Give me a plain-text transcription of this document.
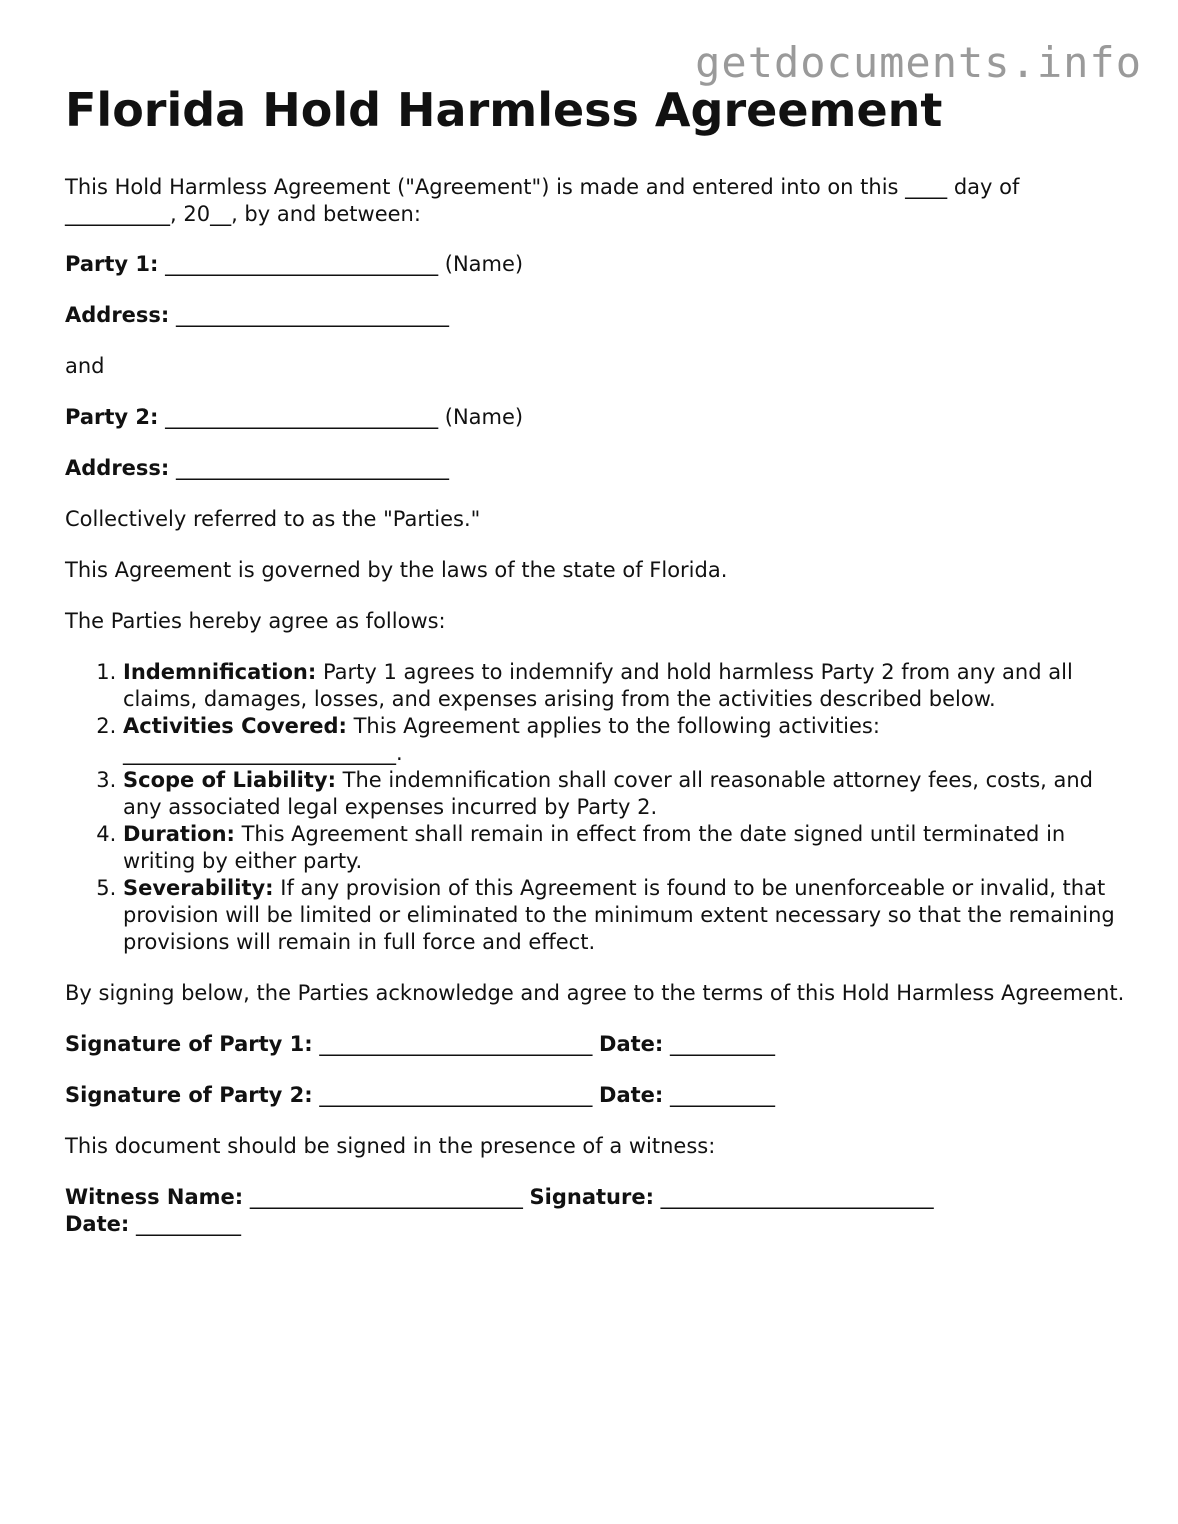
getdocuments.info
Florida Hold Harmless Agreement

This Hold Harmless Agreement ("Agreement") is made and entered into on this ____ day of __________, 20__, by and between:

Party 1: __________________________ (Name)

Address: __________________________

and

Party 2: __________________________ (Name)

Address: __________________________

Collectively referred to as the "Parties."

This Agreement is governed by the laws of the state of Florida.

The Parties hereby agree as follows:

1. Indemnification: Party 1 agrees to indemnify and hold harmless Party 2 from any and all claims, damages, losses, and expenses arising from the activities described below.
2. Activities Covered: This Agreement applies to the following activities: __________________________.
3. Scope of Liability: The indemnification shall cover all reasonable attorney fees, costs, and any associated legal expenses incurred by Party 2.
4. Duration: This Agreement shall remain in effect from the date signed until terminated in writing by either party.
5. Severability: If any provision of this Agreement is found to be unenforceable or invalid, that provision will be limited or eliminated to the minimum extent necessary so that the remaining provisions will remain in full force and effect.

By signing below, the Parties acknowledge and agree to the terms of this Hold Harmless Agreement.

Signature of Party 1: __________________________ Date: __________

Signature of Party 2: __________________________ Date: __________

This document should be signed in the presence of a witness:

Witness Name: __________________________ Signature: __________________________
Date: __________
